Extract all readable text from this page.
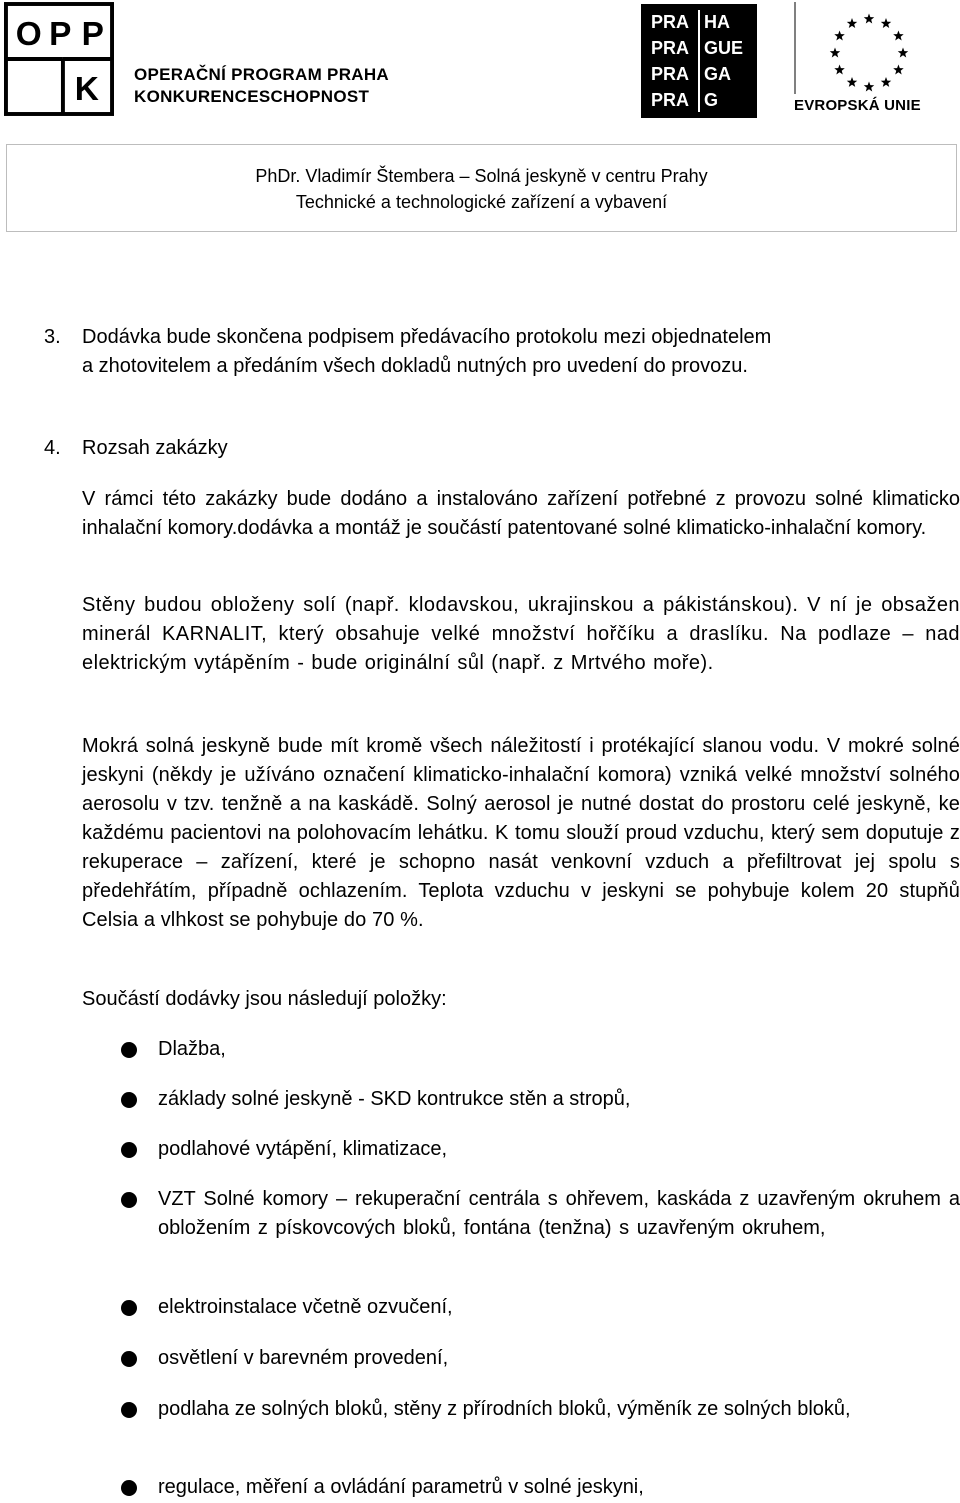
O P P
K OPERAČNÍ PROGRAM PRAHA
KONKURENCESCHOPNOST
PRA HA
PRA GUE
PRA GA
PRA G	EVROPSKÁ UNIE
PhDr. Vladimír Štembera – Solná jeskyně v centru Prahy
Technické a technologické zařízení a vybavení
3. Dodávka bude skončena podpisem předávacího protokolu mezi objednatelem
a zhotovitelem a předáním všech dokladů nutných pro uvedení do provozu.
4. Rozsah zakázky
V rámci této zakázky bude dodáno a instalováno zařízení potřebné z provozu solné klimaticko inhalační komory.dodávka a montáž je součástí patentované solné klimaticko-inhalační komory.
Stěny budou obloženy solí (např. klodavskou, ukrajinskou a pákistánskou). V ní je obsažen minerál KARNALIT, který obsahuje velké množství hořčíku a draslíku. Na podlaze – nad elektrickým vytápěním - bude originální sůl (např. z Mrtvého moře).
Mokrá solná jeskyně bude mít kromě všech náležitostí i protékající slanou vodu. V mokré solné jeskyni (někdy je užíváno označení klimaticko-inhalační komora) vzniká velké množství solného aerosolu v tzv. tenžně a na kaskádě. Solný aerosol je nutné dostat do prostoru celé jeskyně, ke každému pacientovi na polohovacím lehátku. K tomu slouží proud vzduchu, který sem doputuje z rekuperace – zařízení, které je schopno nasát venkovní vzduch a přefiltrovat jej spolu s předehřátím, případně ochlazením. Teplota vzduchu v jeskyni se pohybuje kolem 20 stupňů Celsia a vlhkost se pohybuje do 70 %.
Součástí dodávky jsou následují položky:
Dlažba,
základy solné jeskyně - SKD kontrukce stěn a stropů,
podlahové vytápění, klimatizace,
VZT Solné komory – rekuperační centrála s ohřevem, kaskáda z uzavřeným okruhem a obložením z pískovcových bloků, fontána (tenžna) s uzavřeným okruhem,
elektroinstalace včetně ozvučení,
osvětlení v barevném provedení,
podlaha ze solných bloků, stěny z přírodních bloků, výměník ze solných bloků,
regulace, měření a ovládání parametrů v solné jeskyni,
